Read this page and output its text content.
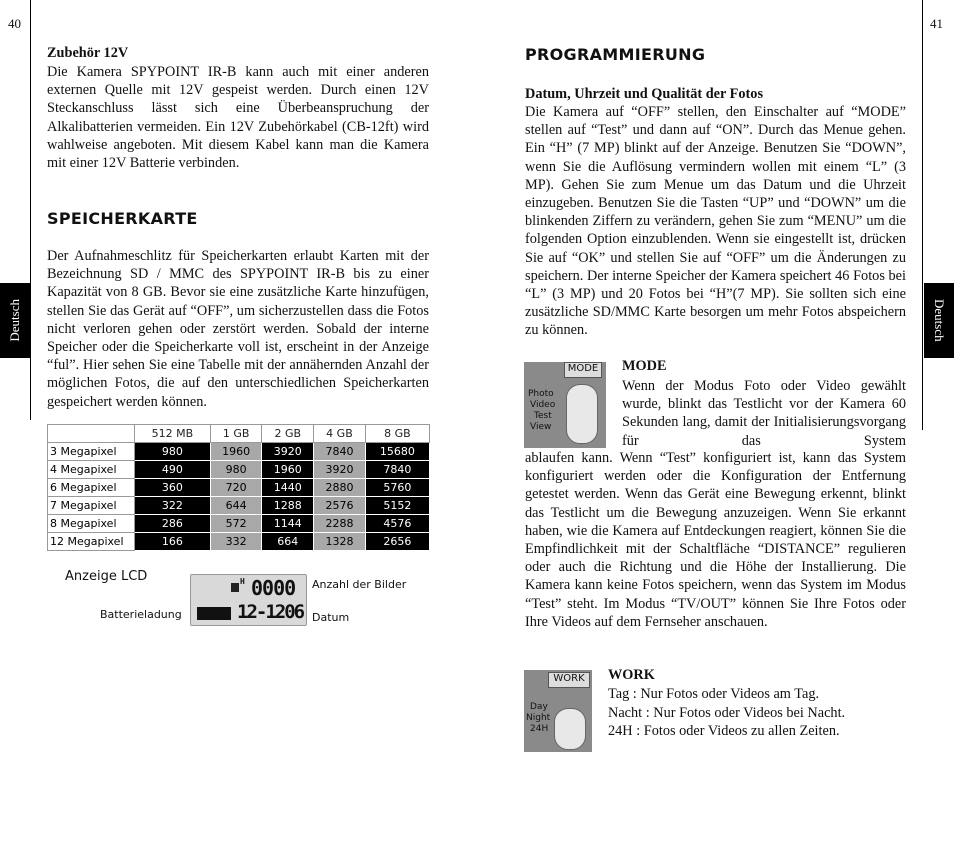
40	41
Deutsch	Deutsch
Zubehör 12V
Die Kamera SPYPOINT IR-B kann auch mit einer anderen externen Quelle mit 12V gespeist werden. Durch einen 12V Steckanschluss lässt sich eine Überbeanspruchung der Alkalibatterien vermeiden. Ein 12V Zubehörkabel (CB-12ft) wird wahlweise angeboten. Mit diesem Kabel kann man die Kamera mit einer 12V Batterie verbinden.
SPEICHERKARTE
Der Aufnahmeschlitz für Speicherkarten erlaubt Karten mit der Bezeichnung SD / MMC des SPYPOINT IR-B bis zu einer Kapazität von 8 GB. Bevor sie eine zusätzliche Karte hinzufügen, stellen Sie das Gerät auf “OFF”, um sicherzustellen dass die Fotos nicht verloren gehen oder zerstört werden. Sobald der interne Speicher oder die Speicherkarte voll ist, erscheint in der Anzeige “ful”. Hier sehen Sie eine Tabelle mit der annähernden Anzahl der möglichen Fotos, die auf den unterschiedlichen Speicherkarten gespeichert werden können.
	512 MB	1 GB	2 GB	4 GB	8 GB
3 Megapixel	980	1960	3920	7840	15680
4 Megapixel	490	980	1960	3920	7840
6 Megapixel	360	720	1440	2880	5760
7 Megapixel	322	644	1288	2576	5152
8 Megapixel	286	572	1144	2288	4576
12 Megapixel	166	332	664	1328	2656
Anzeige LCD
Batterieladung
Anzahl der Bilder
Datum
H 0000
12-1206
PROGRAMMIERUNG
Datum, Uhrzeit und Qualität der Fotos
Die Kamera auf “OFF” stellen, den Einschalter auf “MODE” stellen auf “Test” und dann auf “ON”. Durch das Menue gehen. Ein “H” (7 MP) blinkt auf der Anzeige. Benutzen Sie “DOWN”, wenn Sie die Auflösung vermindern wollen mit einem “L” (3 MP). Gehen Sie zum Menue um das Datum und die Uhrzeit einzugeben. Benutzen Sie die Tasten “UP” und “DOWN” um die blinkenden Ziffern zu verändern, gehen Sie zum “MENU” um die folgenden Option einzublenden. Wenn sie eingestellt ist, drücken Sie auf “OK” und stellen Sie auf “OFF” um die Änderungen zu speichern. Der interne Speicher der Kamera speichert 46 Fotos bei “L” (3 MP) und 20 Fotos bei “H”(7 MP). Sie sollten sich eine zusätzliche SD/MMC Karte besorgen um mehr Fotos abspeichern zu können.
MODE
Photo
Video
Test
View
MODE
Wenn der Modus Foto oder Video gewählt wurde, blinkt das Testlicht vor der Kamera 60 Sekunden lang, damit der Initialisierungsvorgang für das System
ablaufen kann. Wenn “Test” konfiguriert ist, kann das System konfiguriert werden oder die Konfiguration der Entfernung getestet werden. Wenn das Gerät eine Bewegung erkennt, blinkt das Testlicht um die Bewegung anzuzeigen. Wenn Sie erkannt haben, wie die Kamera auf Entdeckungen reagiert, können Sie die Empfindlichkeit mit der Schaltfläche “DISTANCE” regulieren oder auch die Richtung und die Höhe der Installierung. Die Kamera kann keine Fotos speichern, wenn das System im Modus “Test” steht. Im Modus “TV/OUT” können Sie Ihre Fotos oder Ihre Videos auf dem Fernseher anschauen.
WORK
Day
Night
24H
WORK
Tag : Nur Fotos oder Videos am Tag.
Nacht : Nur Fotos oder Videos bei Nacht.
24H : Fotos oder Videos zu allen Zeiten.
